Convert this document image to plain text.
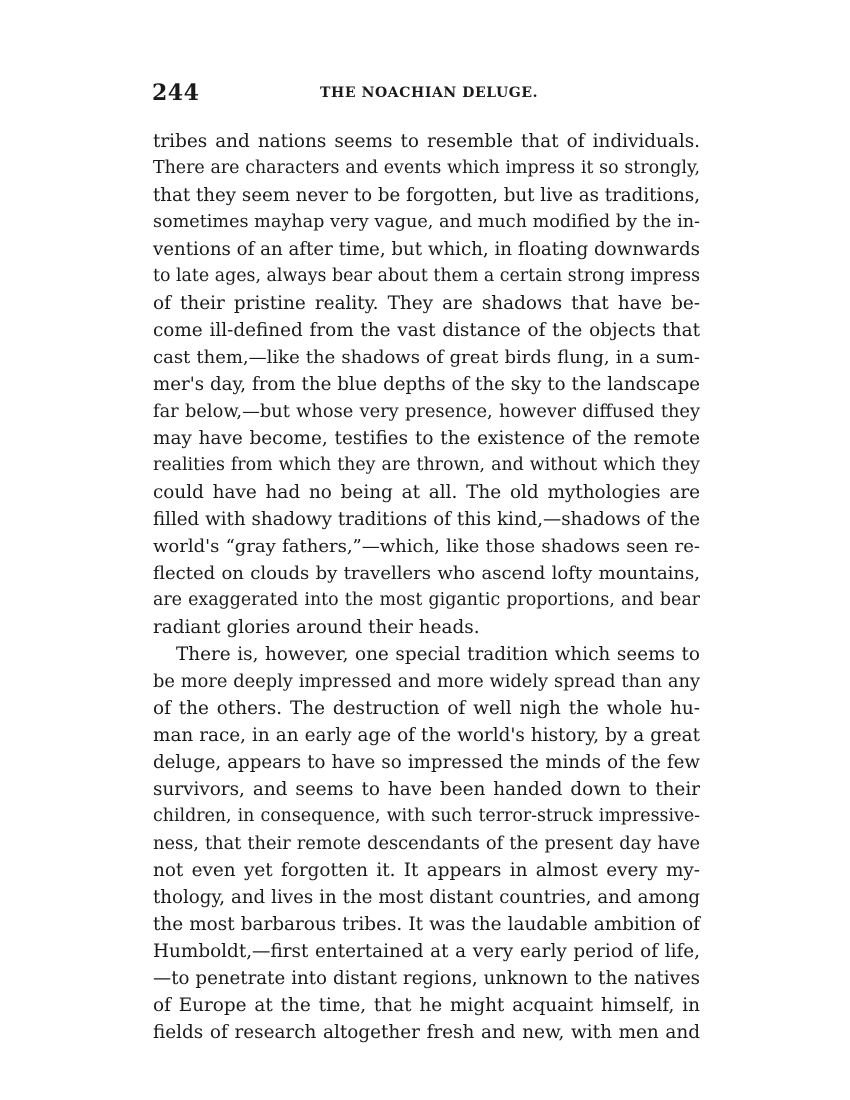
244	THE NOACHIAN DELUGE.
tribes and nations seems to resemble that of individuals.
There are characters and events which impress it so strongly,
that they seem never to be forgotten, but live as traditions,
sometimes mayhap very vague, and much modified by the in-
ventions of an after time, but which, in floating downwards
to late ages, always bear about them a certain strong impress
of their pristine reality. They are shadows that have be-
come ill-defined from the vast distance of the objects that
cast them,—like the shadows of great birds flung, in a sum-
mer's day, from the blue depths of the sky to the landscape
far below,—but whose very presence, however diffused they
may have become, testifies to the existence of the remote
realities from which they are thrown, and without which they
could have had no being at all. The old mythologies are
filled with shadowy traditions of this kind,—shadows of the
world's “gray fathers,”—which, like those shadows seen re-
flected on clouds by travellers who ascend lofty mountains,
are exaggerated into the most gigantic proportions, and bear
radiant glories around their heads.
There is, however, one special tradition which seems to
be more deeply impressed and more widely spread than any
of the others. The destruction of well nigh the whole hu-
man race, in an early age of the world's history, by a great
deluge, appears to have so impressed the minds of the few
survivors, and seems to have been handed down to their
children, in consequence, with such terror-struck impressive-
ness, that their remote descendants of the present day have
not even yet forgotten it. It appears in almost every my-
thology, and lives in the most distant countries, and among
the most barbarous tribes. It was the laudable ambition of
Humboldt,—first entertained at a very early period of life,
—to penetrate into distant regions, unknown to the natives
of Europe at the time, that he might acquaint himself, in
fields of research altogether fresh and new, with men and
